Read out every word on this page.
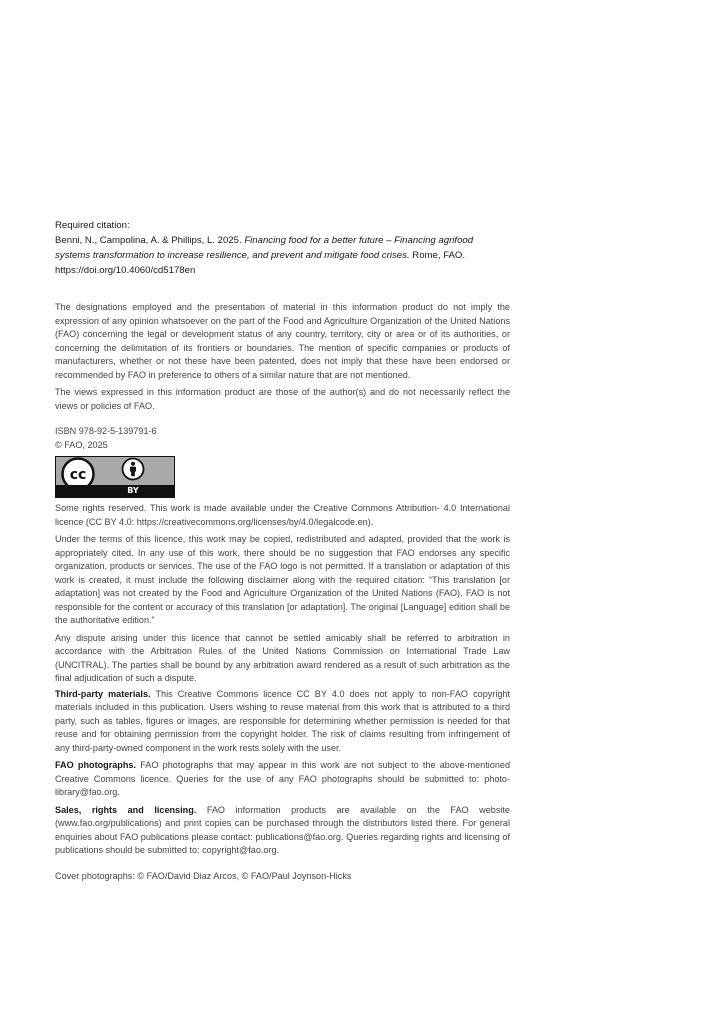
Required citation:

Benni, N., Campolina, A. & Phillips, L. 2025. Financing food for a better future – Financing agrifood systems transformation to increase resilience, and prevent and mitigate food crises. Rome, FAO. https://doi.org/10.4060/cd5178en

The designations employed and the presentation of material in this information product do not imply the expression of any opinion whatsoever on the part of the Food and Agriculture Organization of the United Nations (FAO) concerning the legal or development status of any country, territory, city or area or of its authorities, or concerning the delimitation of its frontiers or boundaries. The mention of specific companies or products of manufacturers, whether or not these have been patented, does not imply that these have been endorsed or recommended by FAO in preference to others of a similar nature that are not mentioned.

The views expressed in this information product are those of the author(s) and do not necessarily reflect the views or policies of FAO.

ISBN 978-92-5-139791-6

© FAO, 2025

cc
BY

Some rights reserved. This work is made available under the Creative Commons Attribution- 4.0 International licence (CC BY 4.0: https://creativecommons.org/licenses/by/4.0/legalcode.en).

Under the terms of this licence, this work may be copied, redistributed and adapted, provided that the work is appropriately cited. In any use of this work, there should be no suggestion that FAO endorses any specific organization, products or services. The use of the FAO logo is not permitted. If a translation or adaptation of this work is created, it must include the following disclaimer along with the required citation: “This translation [or adaptation] was not created by the Food and Agriculture Organization of the United Nations (FAO). FAO is not responsible for the content or accuracy of this translation [or adaptation]. The original [Language] edition shall be the authoritative edition.”

Any dispute arising under this licence that cannot be settled amicably shall be referred to arbitration in accordance with the Arbitration Rules of the United Nations Commission on International Trade Law (UNCITRAL). The parties shall be bound by any arbitration award rendered as a result of such arbitration as the final adjudication of such a dispute.

Third-party materials. This Creative Commons licence CC BY 4.0 does not apply to non-FAO copyright materials included in this publication. Users wishing to reuse material from this work that is attributed to a third party, such as tables, figures or images, are responsible for determining whether permission is needed for that reuse and for obtaining permission from the copyright holder. The risk of claims resulting from infringement of any third-party-owned component in the work rests solely with the user.

FAO photographs. FAO photographs that may appear in this work are not subject to the above-mentioned Creative Commons licence. Queries for the use of any FAO photographs should be submitted to: photo-library@fao.org.

Sales, rights and licensing. FAO information products are available on the FAO website (www.fao.org/publications) and print copies can be purchased through the distributors listed there. For general enquiries about FAO publications please contact: publications@fao.org. Queries regarding rights and licensing of publications should be submitted to: copyright@fao.org.

Cover photographs: © FAO/David Diaz Arcos, © FAO/Paul Joynson-Hicks
